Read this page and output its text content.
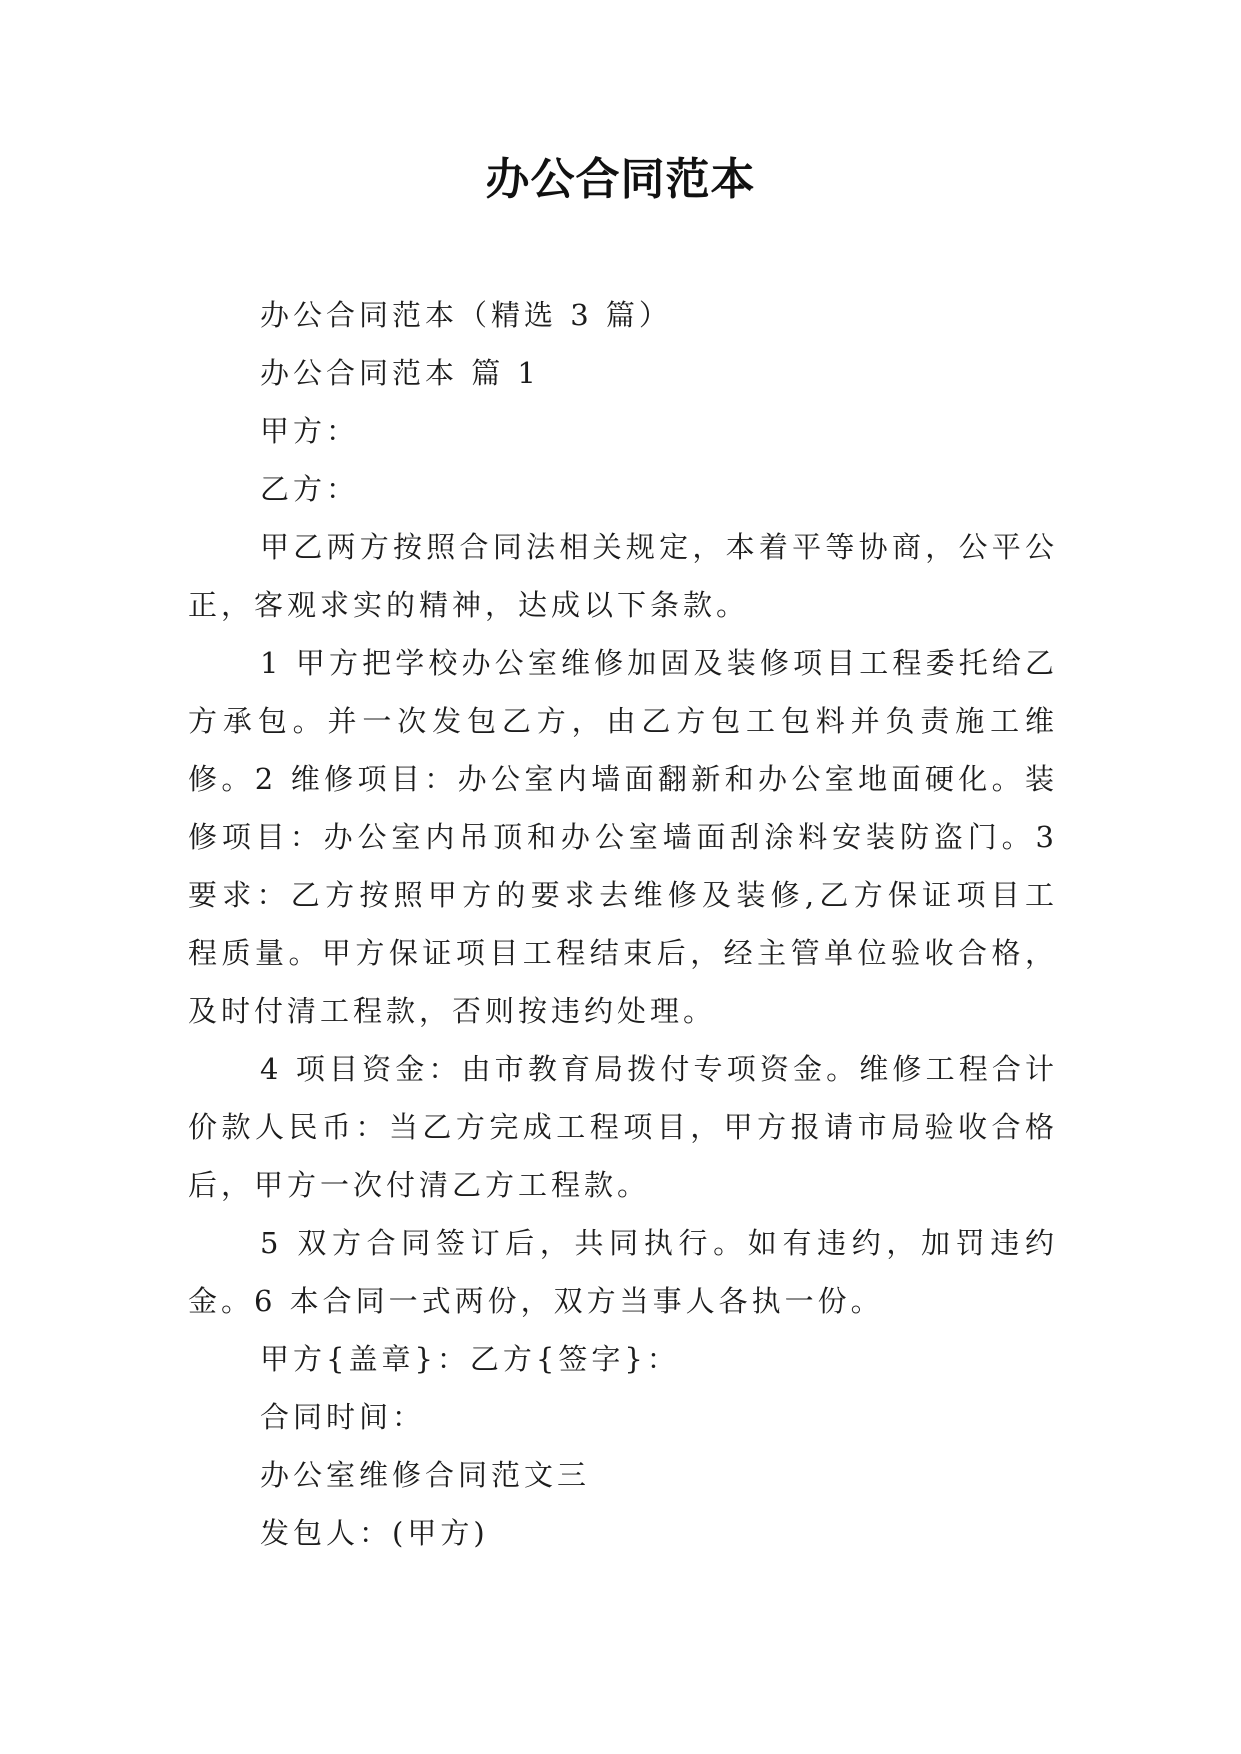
办公合同范本

办公合同范本（精选 3 篇）

办公合同范本 篇 1

甲方：

乙方：

甲乙两方按照合同法相关规定，本着平等协商，公平公正，客观求实的精神，达成以下条款。

1 甲方把学校办公室维修加固及装修项目工程委托给乙方承包。并一次发包乙方，由乙方包工包料并负责施工维修。2 维修项目：办公室内墙面翻新和办公室地面硬化。装修项目：办公室内吊顶和办公室墙面刮涂料安装防盗门。3 要求：乙方按照甲方的要求去维修及装修,乙方保证项目工程质量。甲方保证项目工程结束后，经主管单位验收合格，及时付清工程款，否则按违约处理。

4 项目资金：由市教育局拨付专项资金。维修工程合计价款人民币：当乙方完成工程项目，甲方报请市局验收合格后，甲方一次付清乙方工程款。

5 双方合同签订后，共同执行。如有违约，加罚违约金。6 本合同一式两份，双方当事人各执一份。

甲方{盖章}：乙方{签字}：

合同时间：

办公室维修合同范文三

发包人：(甲方)
